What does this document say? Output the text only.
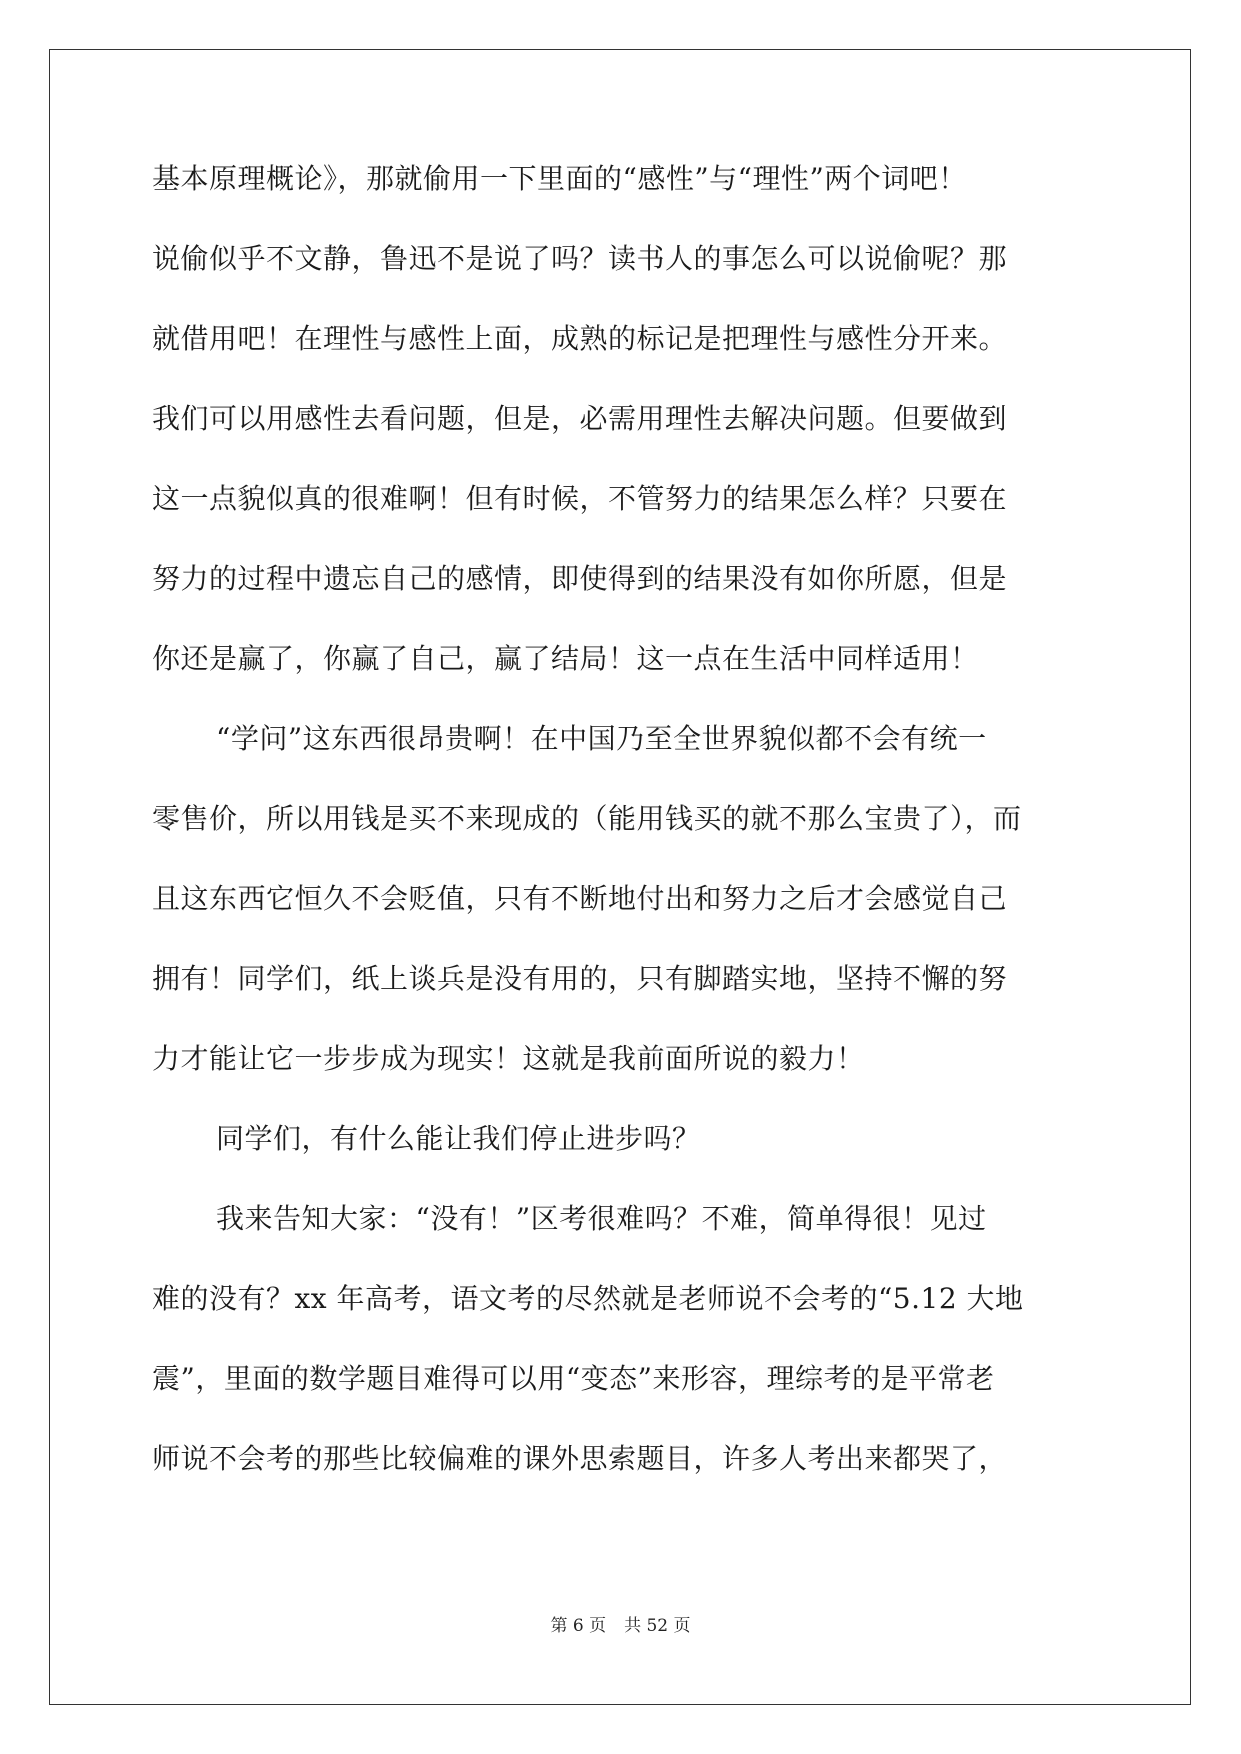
基本原理概论》，那就偷用一下里面的“感性”与“理性”两个词吧！
说偷似乎不文静，鲁迅不是说了吗？读书人的事怎么可以说偷呢？那
就借用吧！在理性与感性上面，成熟的标记是把理性与感性分开来。
我们可以用感性去看问题，但是，必需用理性去解决问题。但要做到
这一点貌似真的很难啊！但有时候，不管努力的结果怎么样？只要在
努力的过程中遗忘自己的感情，即使得到的结果没有如你所愿，但是
你还是赢了，你赢了自己，赢了结局！这一点在生活中同样适用！
“学问”这东西很昂贵啊！在中国乃至全世界貌似都不会有统一
零售价，所以用钱是买不来现成的（能用钱买的就不那么宝贵了），而
且这东西它恒久不会贬值，只有不断地付出和努力之后才会感觉自己
拥有！同学们，纸上谈兵是没有用的，只有脚踏实地，坚持不懈的努
力才能让它一步步成为现实！这就是我前面所说的毅力！
同学们，有什么能让我们停止进步吗？
我来告知大家：“没有！”区考很难吗？不难，简单得很！见过
难的没有？xx 年高考，语文考的尽然就是老师说不会考的“5.12 大地
震”，里面的数学题目难得可以用“变态”来形容，理综考的是平常老
师说不会考的那些比较偏难的课外思索题目，许多人考出来都哭了，
第 6 页 共 52 页
